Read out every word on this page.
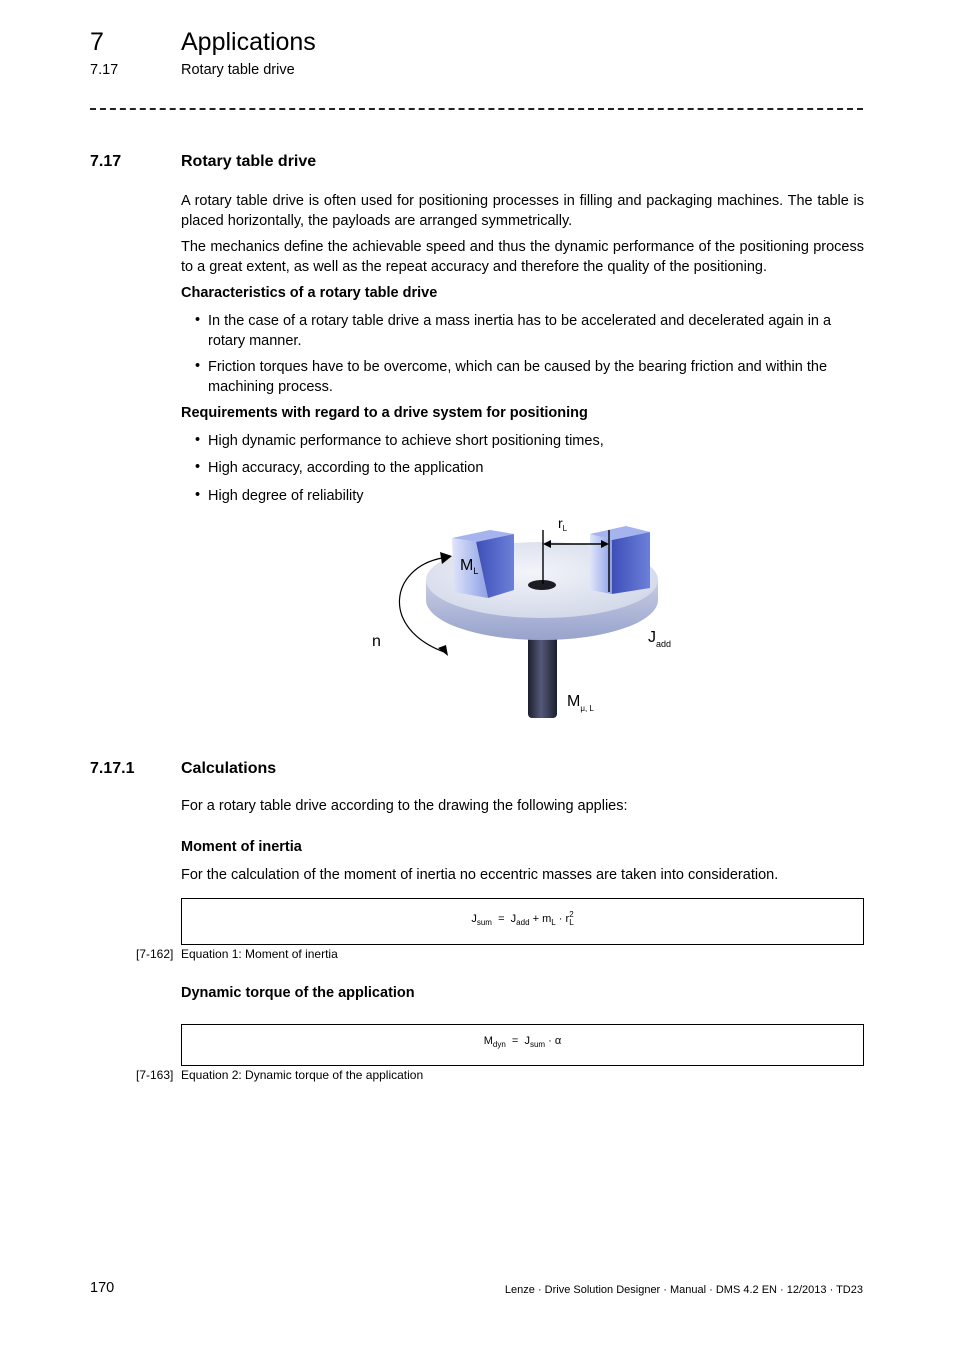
7	Applications
7.17	Rotary table drive
7.17	Rotary table drive
A rotary table drive is often used for positioning processes in filling and packaging machines. The table is placed horizontally, the payloads are arranged symmetrically.
The mechanics define the achievable speed and thus the dynamic performance of the positioning process to a great extent, as well as the repeat accuracy and therefore the quality of the positioning.
Characteristics of a rotary table drive
• In the case of a rotary table drive a mass inertia has to be accelerated and decelerated again in a rotary manner.
• Friction torques have to be overcome, which can be caused by the bearing friction and within the machining process.
Requirements with regard to a drive system for positioning
• High dynamic performance to achieve short positioning times,
• High accuracy, according to the application
• High degree of reliability
$r_L$
$M_L$
n	$J_{add}$
$M_{\mu, L}$
7.17.1	Calculations
For a rotary table drive according to the drawing the following applies:
Moment of inertia
For the calculation of the moment of inertia no eccentric masses are taken into consideration.
$J_{sum} = J_{add} + m_L \cdot r$ 2
L
[7-162] Equation 1: Moment of inertia
Dynamic torque of the application
$M_{dyn} = J_{sum} \cdot \alpha$
[7-163] Equation 2: Dynamic torque of the application
170	Lenze · Drive Solution Designer · Manual · DMS 4.2 EN · 12/2013 · TD23
